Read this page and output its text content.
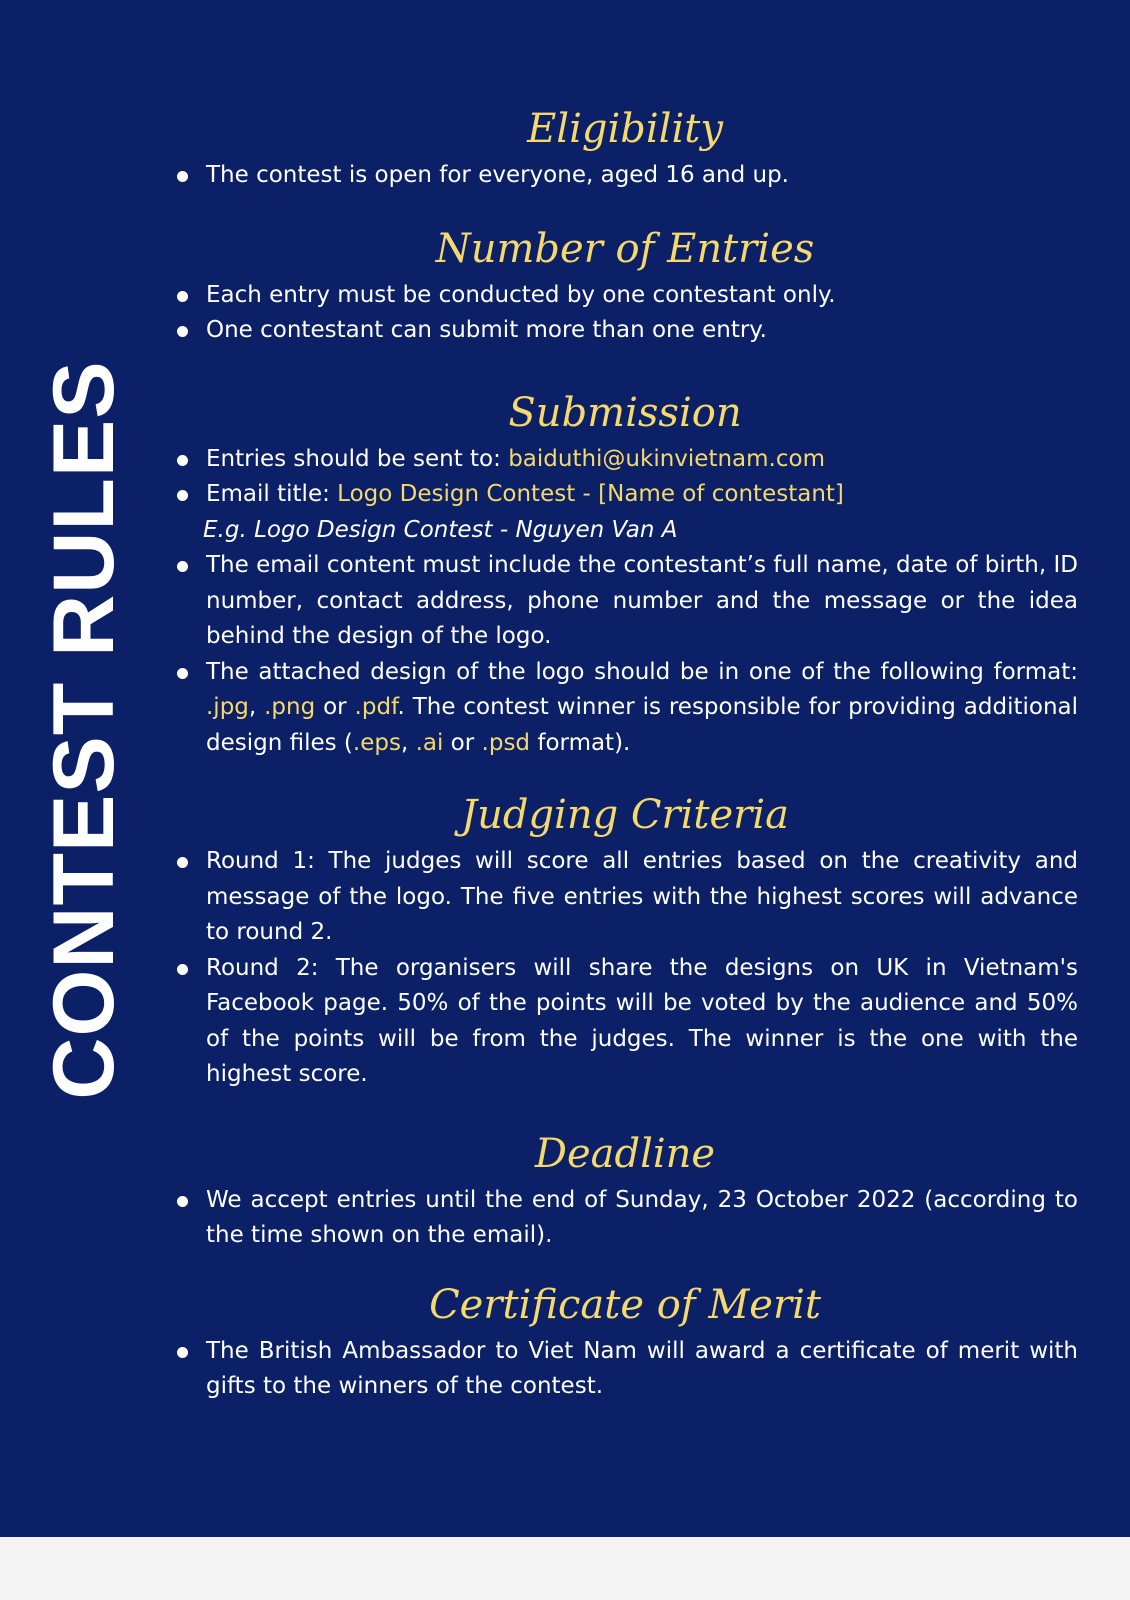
CONTEST RULES
Eligibility
The contest is open for everyone, aged 16 and up.
Number of Entries
Each entry must be conducted by one contestant only.
One contestant can submit more than one entry.
Submission
Entries should be sent to: baiduthi@ukinvietnam.com
Email title: Logo Design Contest - [Name of contestant]
E.g. Logo Design Contest - Nguyen Van A
The email content must include the contestant’s full name, date of birth, ID number, contact address, phone number and the message or the idea behind the design of the logo.
The attached design of the logo should be in one of the following format: .jpg, .png or .pdf. The contest winner is responsible for providing additional design files (.eps, .ai or .psd format).
Judging Criteria
Round 1: The judges will score all entries based on the creativity and message of the logo. The five entries with the highest scores will advance to round 2.
Round 2: The organisers will share the designs on UK in Vietnam's Facebook page. 50% of the points will be voted by the audience and 50% of the points will be from the judges. The winner is the one with the highest score.
Deadline
We accept entries until the end of Sunday, 23 October 2022 (according to the time shown on the email).
Certificate of Merit
The British Ambassador to Viet Nam will award a certificate of merit with gifts to the winners of the contest.
